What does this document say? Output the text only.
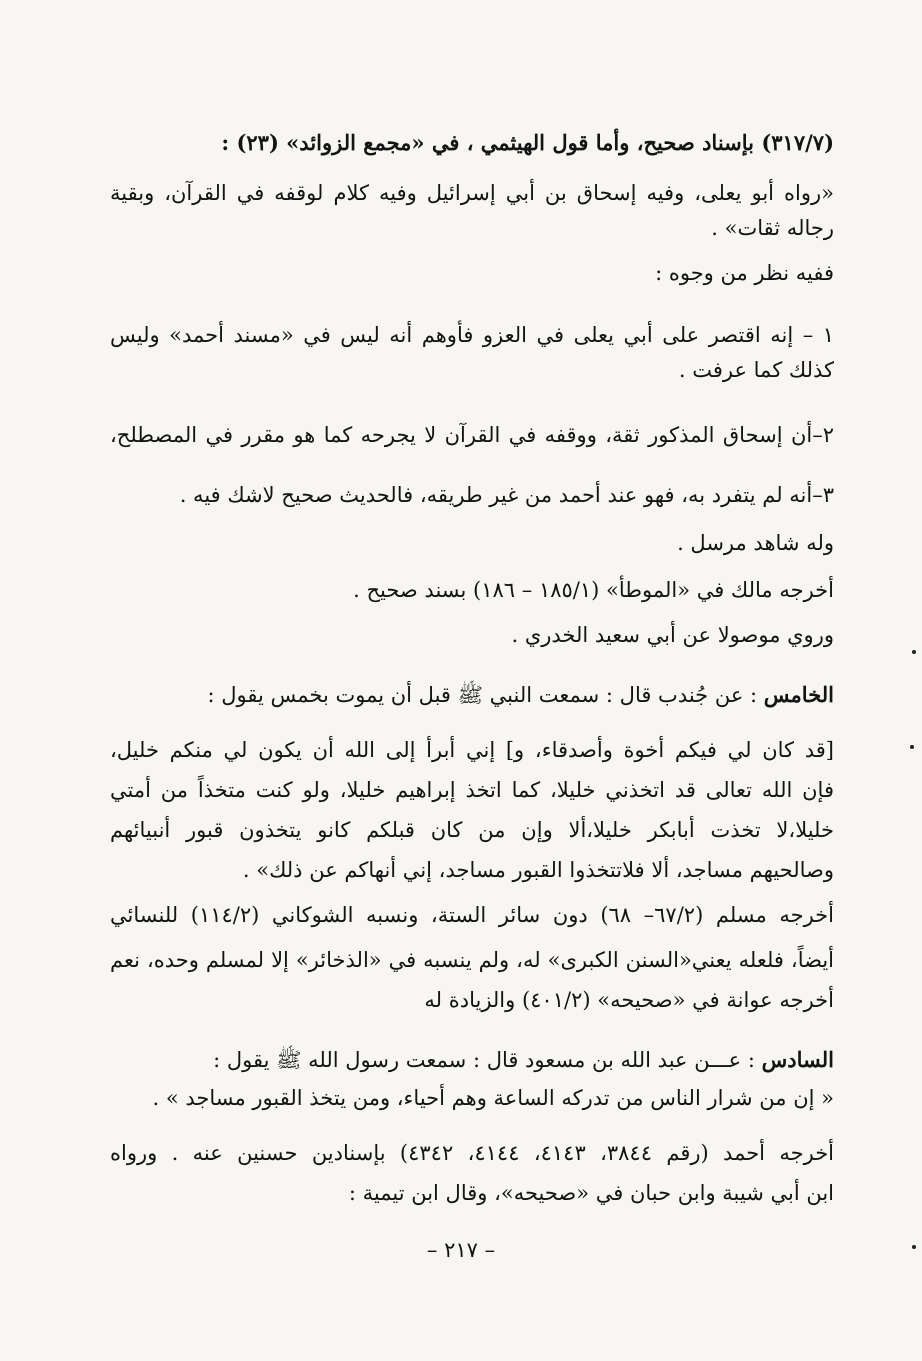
(٣١٧/٧) بإسناد صحيح، وأما قول الهيثمي ، في «مجمع الزوائد» (٢٣) :
«رواه أبو يعلى، وفيه إسحاق بن أبي إسرائيل وفيه كلام لوقفه في القرآن، وبقية
رجاله ثقات» .
ففيه نظر من وجوه :
١ – إنه اقتصر على أبي يعلى في العزو فأوهم أنه ليس في «مسند أحمد» وليس
كذلك كما عرفت .
٢–أن إسحاق المذكور ثقة، ووقفه في القرآن لا يجرحه كما هو مقرر في المصطلح،
٣–أنه لم يتفرد به، فهو عند أحمد من غير طريقه، فالحديث صحيح لاشك فيه .
وله شاهد مرسل .
أخرجه مالك في «الموطأ» (١٨٥/١ – ١٨٦) بسند صحيح .
وروي موصولا عن أبي سعيد الخدري .
الخامس : عن جُندب قال : سمعت النبي ﷺ قبل أن يموت بخمس يقول :
[قد كان لي فيكم أخوة وأصدقاء، و] إني أبرأ إلى الله أن يكون لي منكم خليل،
فإن الله تعالى قد اتخذني خليلا، كما اتخذ إبراهيم خليلا، ولو كنت متخذاً من أمتي
خليلا،لا تخذت أبابكر خليلا،ألا وإن من كان قبلكم كانو يتخذون قبور أنبيائهم
وصالحيهم مساجد، ألا فلاتتخذوا القبور مساجد، إني أنهاكم عن ذلك» .
أخرجه مسلم (٦٧/٢– ٦٨) دون سائر الستة، ونسبه الشوكاني (١١٤/٢) للنسائي
أيضاً، فلعله يعني«السنن الكبرى» له، ولم ينسبه في «الذخائر» إلا لمسلم وحده، نعم
أخرجه عوانة في «صحيحه» (٤٠١/٢) والزيادة له
السادس : عـــن عبد الله بن مسعود قال : سمعت رسول الله ﷺ يقول :
« إن من شرار الناس من تدركه الساعة وهم أحياء، ومن يتخذ القبور مساجد » .
أخرجه أحمد (رقم ٣٨٤٤، ٤١٤٣، ٤١٤٤، ٤٣٤٢) بإسنادين حسنين عنه . ورواه
ابن أبي شيبة وابن حبان في «صحيحه»، وقال ابن تيمية :
– ٢١٧ –
